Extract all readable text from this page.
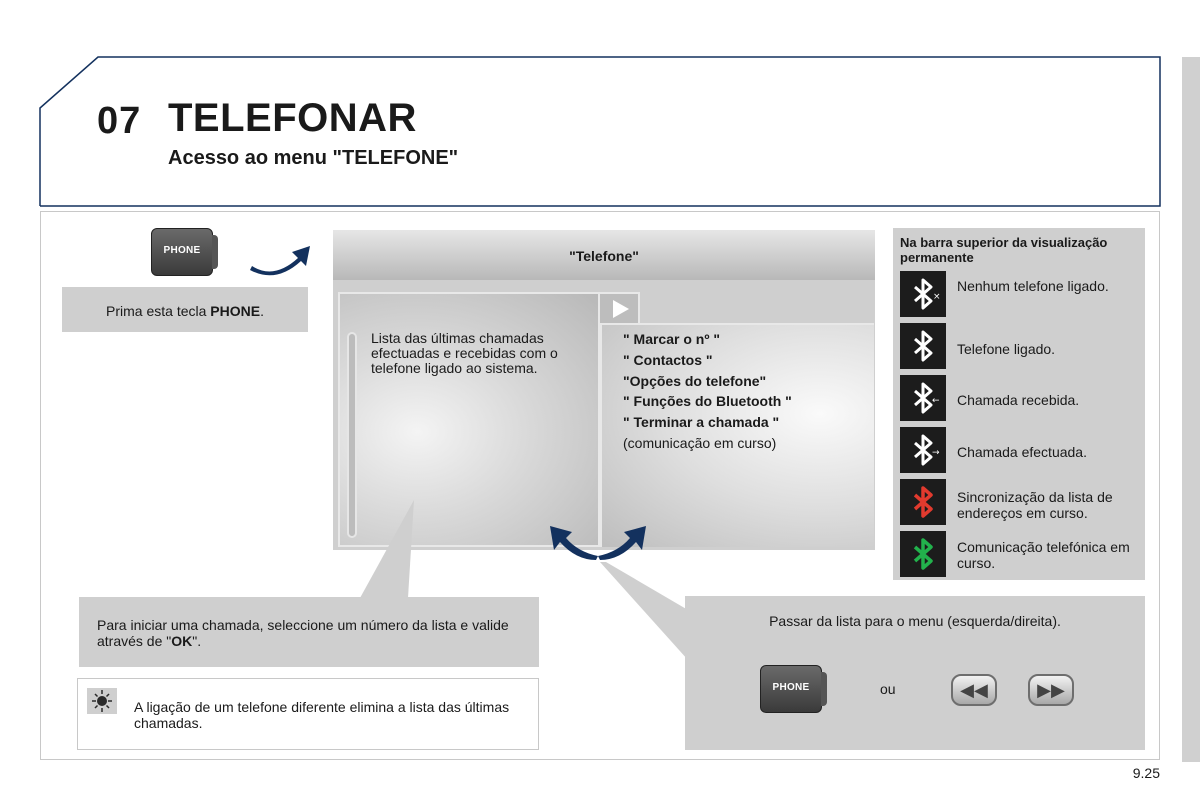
07 TELEFONAR
Acesso ao menu "TELEFONE"
PHONE
Prima esta tecla PHONE.
"Telefone"
Lista das últimas chamadas efectuadas e recebidas com o telefone ligado ao sistema.
" Marcar o nº "
" Contactos "
"Opções do telefone"
" Funções do Bluetooth "
" Terminar a chamada "
(comunicação em curso)
Na barra superior da visualização permanente
×
Nenhum telefone ligado.
Telefone ligado.
← Chamada recebida.
→ Chamada efectuada.
Sincronização da lista de endereços em curso.
Comunicação telefónica em curso.
Para iniciar uma chamada, seleccione um número da lista e valide através de "OK".
A ligação de um telefone diferente elimina a lista das últimas chamadas.
Passar da lista para o menu (esquerda/direita).
PHONE	ou	◀◀	▶▶
9.25
